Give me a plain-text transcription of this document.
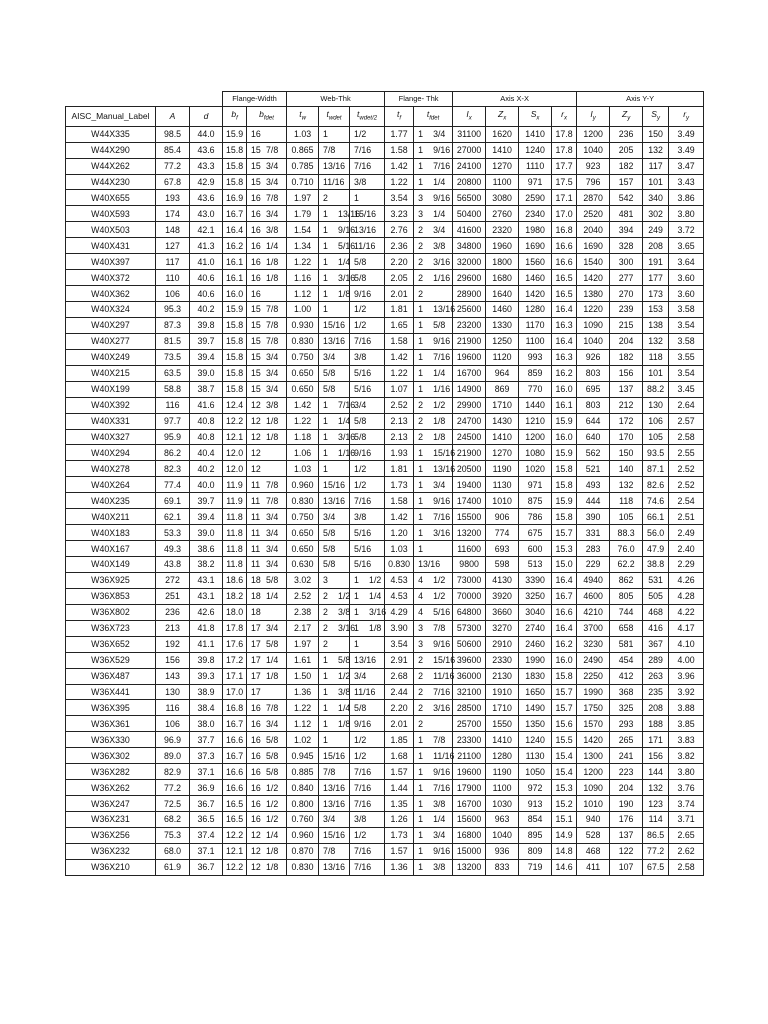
			Flange-Width		Web-Thk			Flange- Thk		Axis X-X				Axis Y-Y			
AISC_Manual_Label	A	d	$b_f$	$b_{fdet}$	$t_w$	$t_{wdet}$	$t_{wdet/2}$	$t_f$	$t_{fdet}$	$I_x$	$Z_x$	$S_x$	$r_x$	$I_y$	$Z_y$	$S_y$	$r_y$
W44X335	98.5	44.0	15.9	16	1.03	1	1/2	1.77	1 3/4	31100	1620	1410	17.8	1200	236	150	3.49
W44X290	85.4	43.6	15.8	15 7/8	0.865	7/8	7/16	1.58	1 9/16	27000	1410	1240	17.8	1040	205	132	3.49
W44X262	77.2	43.3	15.8	15 3/4	0.785	13/16	7/16	1.42	1 7/16	24100	1270	1110	17.7	923	182	117	3.47
W44X230	67.8	42.9	15.8	15 3/4	0.710	11/16	3/8	1.22	1 1/4	20800	1100	971	17.5	796	157	101	3.43
W40X655	193	43.6	16.9	16 7/8	1.97	2	1	3.54	3 9/16	56500	3080	2590	17.1	2870	542	340	3.86
W40X593	174	43.0	16.7	16 3/4	1.79	1 13/16	15/16	3.23	3 1/4	50400	2760	2340	17.0	2520	481	302	3.80
W40X503	148	42.1	16.4	16 3/8	1.54	1 9/16	13/16	2.76	2 3/4	41600	2320	1980	16.8	2040	394	249	3.72
W40X431	127	41.3	16.2	16 1/4	1.34	1 5/16	11/16	2.36	2 3/8	34800	1960	1690	16.6	1690	328	208	3.65
W40X397	117	41.0	16.1	16 1/8	1.22	1 1/4	5/8	2.20	2 3/16	32000	1800	1560	16.6	1540	300	191	3.64
W40X372	110	40.6	16.1	16 1/8	1.16	1 3/16	5/8	2.05	2 1/16	29600	1680	1460	16.5	1420	277	177	3.60
W40X362	106	40.6	16.0	16	1.12	1 1/8	9/16	2.01	2	28900	1640	1420	16.5	1380	270	173	3.60
W40X324	95.3	40.2	15.9	15 7/8	1.00	1	1/2	1.81	1 13/16	25600	1460	1280	16.4	1220	239	153	3.58
W40X297	87.3	39.8	15.8	15 7/8	0.930	15/16	1/2	1.65	1 5/8	23200	1330	1170	16.3	1090	215	138	3.54
W40X277	81.5	39.7	15.8	15 7/8	0.830	13/16	7/16	1.58	1 9/16	21900	1250	1100	16.4	1040	204	132	3.58
W40X249	73.5	39.4	15.8	15 3/4	0.750	3/4	3/8	1.42	1 7/16	19600	1120	993	16.3	926	182	118	3.55
W40X215	63.5	39.0	15.8	15 3/4	0.650	5/8	5/16	1.22	1 1/4	16700	964	859	16.2	803	156	101	3.54
W40X199	58.8	38.7	15.8	15 3/4	0.650	5/8	5/16	1.07	1 1/16	14900	869	770	16.0	695	137	88.2	3.45
W40X392	116	41.6	12.4	12 3/8	1.42	1 7/16	3/4	2.52	2 1/2	29900	1710	1440	16.1	803	212	130	2.64
W40X331	97.7	40.8	12.2	12 1/8	1.22	1 1/4	5/8	2.13	2 1/8	24700	1430	1210	15.9	644	172	106	2.57
W40X327	95.9	40.8	12.1	12 1/8	1.18	1 3/16	5/8	2.13	2 1/8	24500	1410	1200	16.0	640	170	105	2.58
W40X294	86.2	40.4	12.0	12	1.06	1 1/16	9/16	1.93	1 15/16	21900	1270	1080	15.9	562	150	93.5	2.55
W40X278	82.3	40.2	12.0	12	1.03	1	1/2	1.81	1 13/16	20500	1190	1020	15.8	521	140	87.1	2.52
W40X264	77.4	40.0	11.9	11 7/8	0.960	15/16	1/2	1.73	1 3/4	19400	1130	971	15.8	493	132	82.6	2.52
W40X235	69.1	39.7	11.9	11 7/8	0.830	13/16	7/16	1.58	1 9/16	17400	1010	875	15.9	444	118	74.6	2.54
W40X211	62.1	39.4	11.8	11 3/4	0.750	3/4	3/8	1.42	1 7/16	15500	906	786	15.8	390	105	66.1	2.51
W40X183	53.3	39.0	11.8	11 3/4	0.650	5/8	5/16	1.20	1 3/16	13200	774	675	15.7	331	88.3	56.0	2.49
W40X167	49.3	38.6	11.8	11 3/4	0.650	5/8	5/16	1.03	1	11600	693	600	15.3	283	76.0	47.9	2.40
W40X149	43.8	38.2	11.8	11 3/4	0.630	5/8	5/16	0.830	13/16	9800	598	513	15.0	229	62.2	38.8	2.29
W36X925	272	43.1	18.6	18 5/8	3.02	3	1 1/2	4.53	4 1/2	73000	4130	3390	16.4	4940	862	531	4.26
W36X853	251	43.1	18.2	18 1/4	2.52	2 1/2	1 1/4	4.53	4 1/2	70000	3920	3250	16.7	4600	805	505	4.28
W36X802	236	42.6	18.0	18	2.38	2 3/8	1 3/16	4.29	4 5/16	64800	3660	3040	16.6	4210	744	468	4.22
W36X723	213	41.8	17.8	17 3/4	2.17	2 3/16	1 1/8	3.90	3 7/8	57300	3270	2740	16.4	3700	658	416	4.17
W36X652	192	41.1	17.6	17 5/8	1.97	2	1	3.54	3 9/16	50600	2910	2460	16.2	3230	581	367	4.10
W36X529	156	39.8	17.2	17 1/4	1.61	1 5/8	13/16	2.91	2 15/16	39600	2330	1990	16.0	2490	454	289	4.00
W36X487	143	39.3	17.1	17 1/8	1.50	1 1/2	3/4	2.68	2 11/16	36000	2130	1830	15.8	2250	412	263	3.96
W36X441	130	38.9	17.0	17	1.36	1 3/8	11/16	2.44	2 7/16	32100	1910	1650	15.7	1990	368	235	3.92
W36X395	116	38.4	16.8	16 7/8	1.22	1 1/4	5/8	2.20	2 3/16	28500	1710	1490	15.7	1750	325	208	3.88
W36X361	106	38.0	16.7	16 3/4	1.12	1 1/8	9/16	2.01	2	25700	1550	1350	15.6	1570	293	188	3.85
W36X330	96.9	37.7	16.6	16 5/8	1.02	1	1/2	1.85	1 7/8	23300	1410	1240	15.5	1420	265	171	3.83
W36X302	89.0	37.3	16.7	16 5/8	0.945	15/16	1/2	1.68	1 11/16	21100	1280	1130	15.4	1300	241	156	3.82
W36X282	82.9	37.1	16.6	16 5/8	0.885	7/8	7/16	1.57	1 9/16	19600	1190	1050	15.4	1200	223	144	3.80
W36X262	77.2	36.9	16.6	16 1/2	0.840	13/16	7/16	1.44	1 7/16	17900	1100	972	15.3	1090	204	132	3.76
W36X247	72.5	36.7	16.5	16 1/2	0.800	13/16	7/16	1.35	1 3/8	16700	1030	913	15.2	1010	190	123	3.74
W36X231	68.2	36.5	16.5	16 1/2	0.760	3/4	3/8	1.26	1 1/4	15600	963	854	15.1	940	176	114	3.71
W36X256	75.3	37.4	12.2	12 1/4	0.960	15/16	1/2	1.73	1 3/4	16800	1040	895	14.9	528	137	86.5	2.65
W36X232	68.0	37.1	12.1	12 1/8	0.870	7/8	7/16	1.57	1 9/16	15000	936	809	14.8	468	122	77.2	2.62
W36X210	61.9	36.7	12.2	12 1/8	0.830	13/16	7/16	1.36	1 3/8	13200	833	719	14.6	411	107	67.5	2.58
